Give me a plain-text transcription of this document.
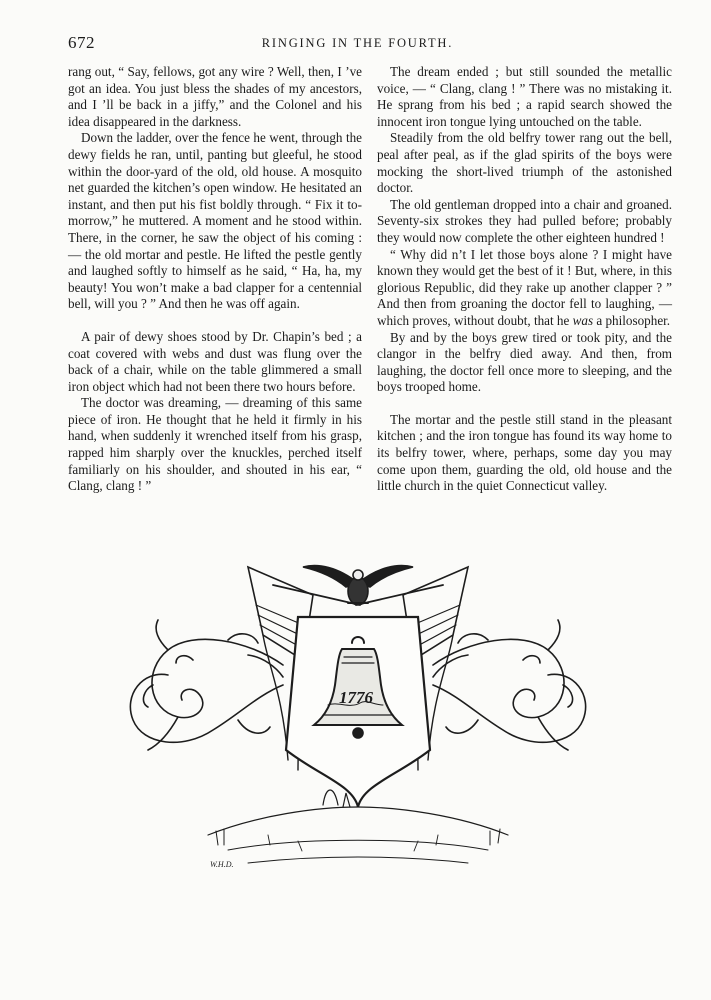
672	RINGING IN THE FOURTH.

rang out, “ Say, fellows, got any wire ? Well, then, I ’ve got an idea. You just bless the shades of my ancestors, and I ’ll be back in a jiffy,” and the Colonel and his idea disappeared in the darkness.

Down the ladder, over the fence he went, through the dewy fields he ran, until, panting but gleeful, he stood within the door-yard of the old, old house. A mosquito net guarded the kitchen’s open window. He hesitated an instant, and then put his fist boldly through. “ Fix it to-morrow,” he muttered. A moment and he stood within. There, in the corner, he saw the object of his coming : — the old mortar and pestle. He lifted the pestle gently and laughed softly to himself as he said, “ Ha, ha, my beauty! You won’t make a bad clapper for a centennial bell, will you ? ” And then he was off again.

A pair of dewy shoes stood by Dr. Chapin’s bed ; a coat covered with webs and dust was flung over the back of a chair, while on the table glimmered a small iron object which had not been there two hours before.

The doctor was dreaming, — dreaming of this same piece of iron. He thought that he held it firmly in his hand, when suddenly it wrenched itself from his grasp, rapped him sharply over the knuckles, perched itself familiarly on his shoulder, and shouted in his ear, “ Clang, clang ! ”

The dream ended ; but still sounded the metallic voice, — “ Clang, clang ! ” There was no mistaking it. He sprang from his bed ; a rapid search showed the innocent iron tongue lying untouched on the table.

Steadily from the old belfry tower rang out the bell, peal after peal, as if the glad spirits of the boys were mocking the short-lived triumph of the astonished doctor.

The old gentleman dropped into a chair and groaned. Seventy-six strokes they had pulled before; probably they would now complete the other eighteen hundred !

“ Why did n’t I let those boys alone ? I might have known they would get the best of it ! But, where, in this glorious Republic, did they rake up another clapper ? ” And then from groaning the doctor fell to laughing, — which proves, without doubt, that he was a philosopher.

By and by the boys grew tired or took pity, and the clangor in the belfry died away. And then, from laughing, the doctor fell once more to sleeping, and the boys trooped home.

The mortar and the pestle still stand in the pleasant kitchen ; and the iron tongue has found its way home to its belfry tower, where, perhaps, some day you may come upon them, guarding the old, old house and the little church in the quiet Connecticut valley.

1776
W.H.D.
